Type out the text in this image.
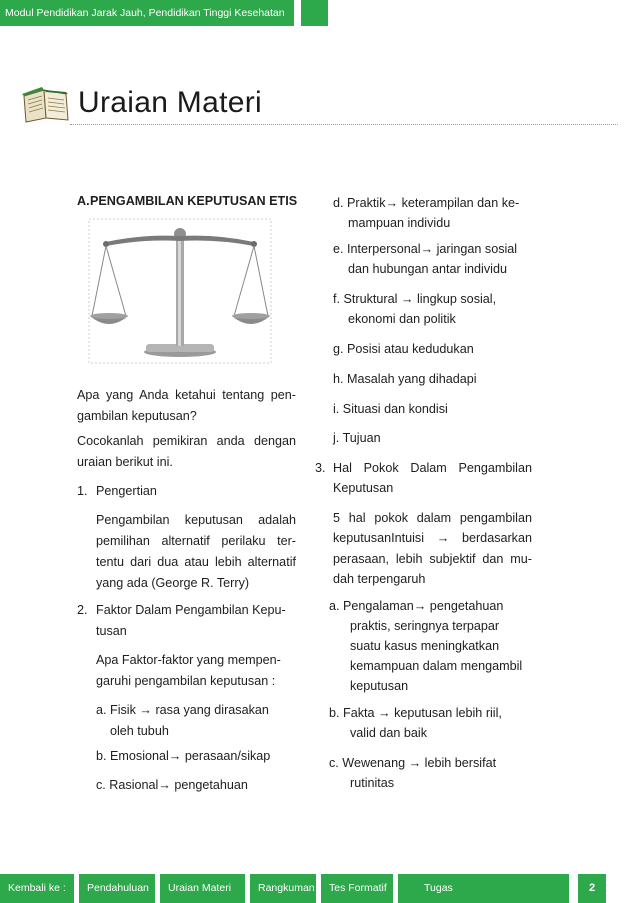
Modul Pendidikan Jarak Jauh, Pendidikan Tinggi Kesehatan
Uraian Materi
A. PENGAMBILAN KEPUTUSAN ETIS
Apa yang Anda ketahui tentang pen-
gambilan keputusan?
Cocokanlah pemikiran anda dengan
uraian berikut ini.
1. Pengertian
Pengambilan keputusan adalah
pemilihan alternatif perilaku ter-
tentu dari dua atau lebih alternatif
yang ada (George R. Terry)
2. Faktor Dalam Pengambilan Kepu-
tusan
Apa Faktor-faktor yang mempen-
garuhi pengambilan keputusan :
a. Fisik → rasa yang dirasakan
oleh tubuh
b. Emosional→ perasaan/sikap
c. Rasional→ pengetahuan
d. Praktik→ keterampilan dan ke-
mampuan individu
e. Interpersonal→ jaringan sosial
dan hubungan antar individu
f. Struktural → lingkup sosial,
ekonomi dan politik
g. Posisi atau kedudukan
h. Masalah yang dihadapi
i. Situasi dan kondisi
j. Tujuan
3. Hal Pokok Dalam Pengambilan
Keputusan
5 hal pokok dalam pengambilan
keputusanIntuisi → berdasarkan
perasaan, lebih subjektif dan mu-
dah terpengaruh
a. Pengalaman→ pengetahuan
praktis, seringnya terpapar
suatu kasus meningkatkan
kemampuan dalam mengambil
keputusan
b. Fakta → keputusan lebih riil,
valid dan baik
c. Wewenang → lebih bersifat
rutinitas
Kembali ke :	Pendahuluan	Uraian Materi	Rangkuman	Tes Formatif	Tugas	2
